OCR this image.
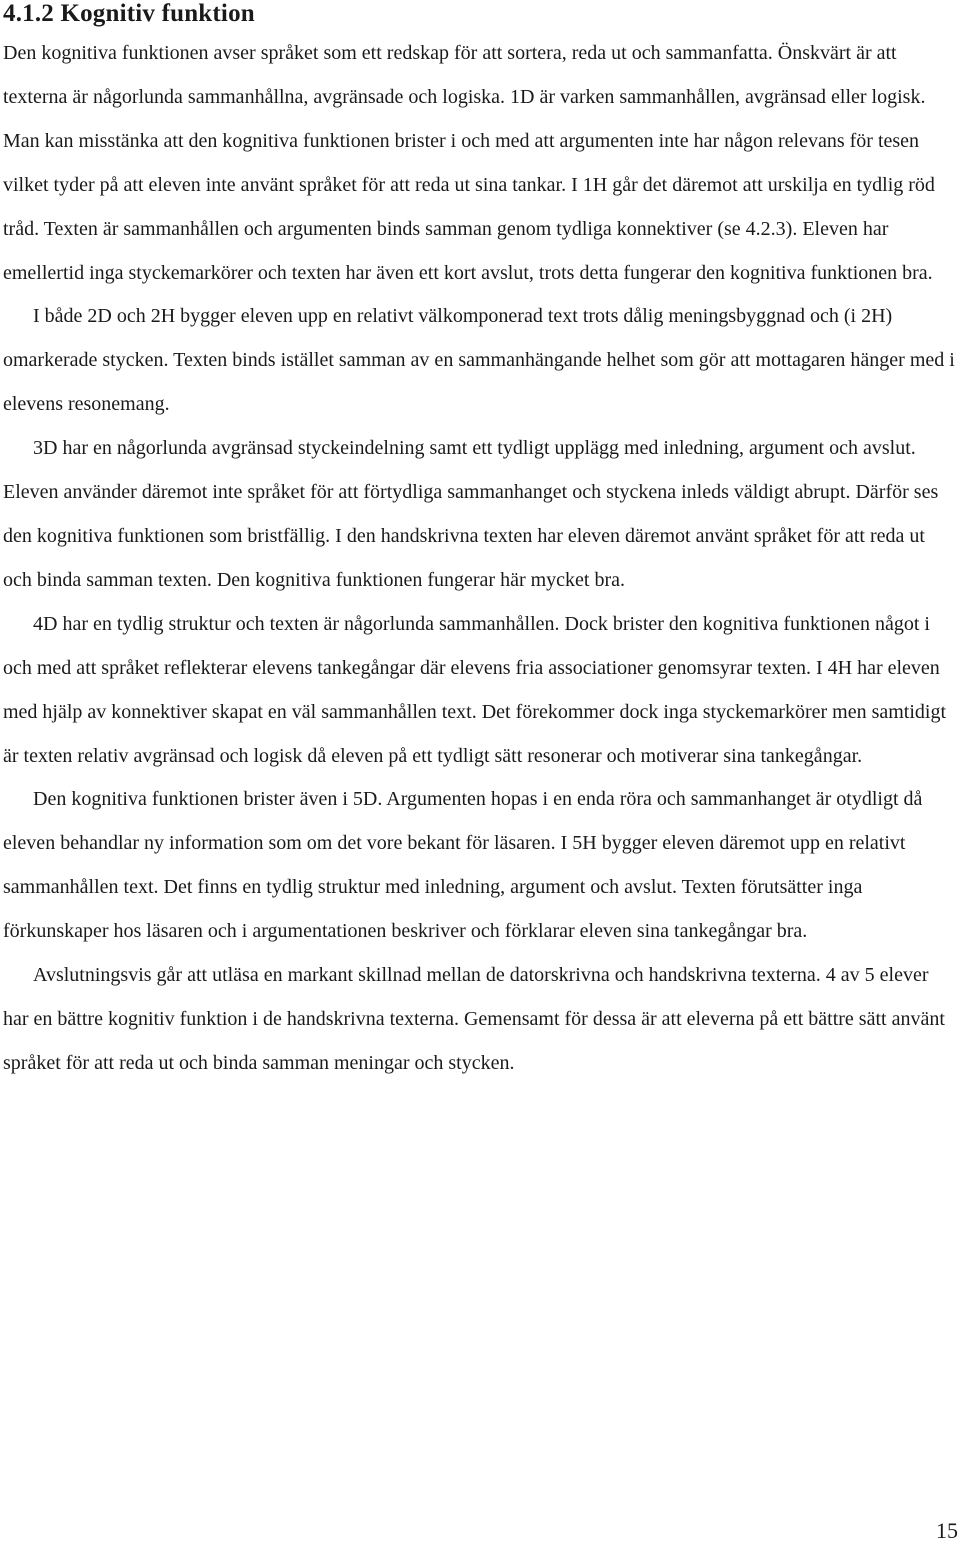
4.1.2 Kognitiv funktion

Den kognitiva funktionen avser språket som ett redskap för att sortera, reda ut och sammanfatta. Önskvärt är att texterna är någorlunda sammanhållna, avgränsade och logiska. 1D är varken sammanhållen, avgränsad eller logisk. Man kan misstänka att den kognitiva funktionen brister i och med att argumenten inte har någon relevans för tesen vilket tyder på att eleven inte använt språket för att reda ut sina tankar. I 1H går det däremot att urskilja en tydlig röd tråd. Texten är sammanhållen och argumenten binds samman genom tydliga konnektiver (se 4.2.3). Eleven har emellertid inga styckemarkörer och texten har även ett kort avslut, trots detta fungerar den kognitiva funktionen bra.

I både 2D och 2H bygger eleven upp en relativt välkomponerad text trots dålig meningsbyggnad och (i 2H) omarkerade stycken. Texten binds istället samman av en sammanhängande helhet som gör att mottagaren hänger med i elevens resonemang.

3D har en någorlunda avgränsad styckeindelning samt ett tydligt upplägg med inledning, argument och avslut. Eleven använder däremot inte språket för att förtydliga sammanhanget och styckena inleds väldigt abrupt. Därför ses den kognitiva funktionen som bristfällig. I den handskrivna texten har eleven däremot använt språket för att reda ut och binda samman texten. Den kognitiva funktionen fungerar här mycket bra.

4D har en tydlig struktur och texten är någorlunda sammanhållen. Dock brister den kognitiva funktionen något i och med att språket reflekterar elevens tankegångar där elevens fria associationer genomsyrar texten. I 4H har eleven med hjälp av konnektiver skapat en väl sammanhållen text. Det förekommer dock inga styckemarkörer men samtidigt är texten relativ avgränsad och logisk då eleven på ett tydligt sätt resonerar och motiverar sina tankegångar.

Den kognitiva funktionen brister även i 5D. Argumenten hopas i en enda röra och sammanhanget är otydligt då eleven behandlar ny information som om det vore bekant för läsaren. I 5H bygger eleven däremot upp en relativt sammanhållen text. Det finns en tydlig struktur med inledning, argument och avslut. Texten förutsätter inga förkunskaper hos läsaren och i argumentationen beskriver och förklarar eleven sina tankegångar bra.

Avslutningsvis går att utläsa en markant skillnad mellan de datorskrivna och handskrivna texterna. 4 av 5 elever har en bättre kognitiv funktion i de handskrivna texterna. Gemensamt för dessa är att eleverna på ett bättre sätt använt språket för att reda ut och binda samman meningar och stycken.

15
